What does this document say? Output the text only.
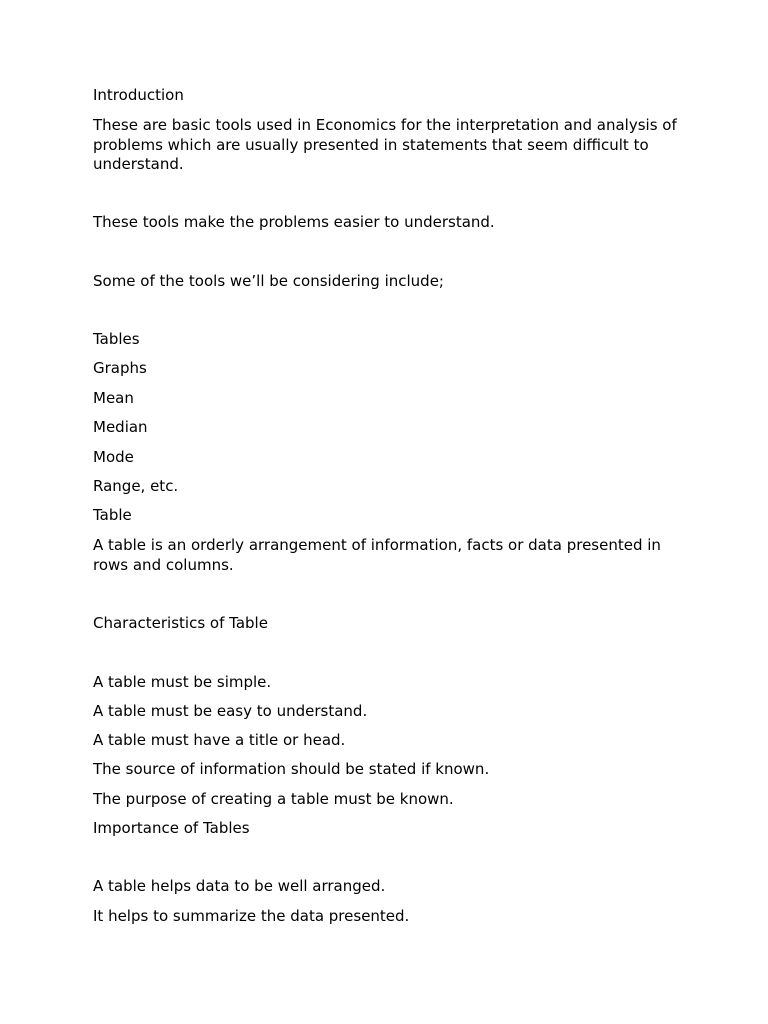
Introduction
These are basic tools used in Economics for the interpretation and analysis of problems which are usually presented in statements that seem difficult to understand.
These tools make the problems easier to understand.
Some of the tools we’ll be considering include;
Tables
Graphs
Mean
Median
Mode
Range, etc.
Table
A table is an orderly arrangement of information, facts or data presented in rows and columns.
Characteristics of Table
A table must be simple.
A table must be easy to understand.
A table must have a title or head.
The source of information should be stated if known.
The purpose of creating a table must be known.
Importance of Tables
A table helps data to be well arranged.
It helps to summarize the data presented.
